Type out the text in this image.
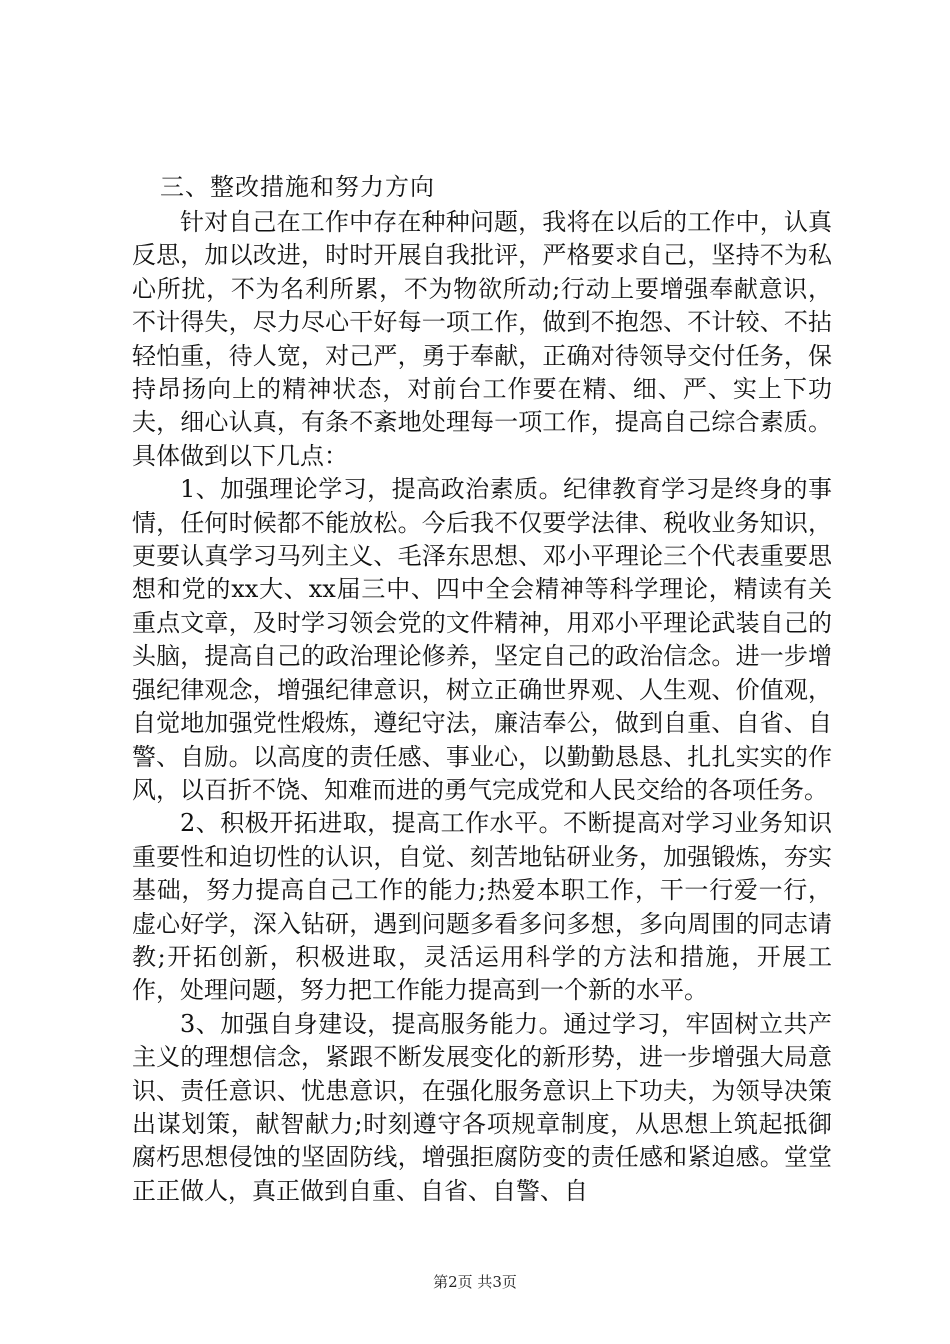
三、整改措施和努力方向

针对自己在工作中存在种种问题，我将在以后的工作中，认真反思，加以改进，时时开展自我批评，严格要求自己，坚持不为私心所扰，不为名利所累，不为物欲所动;行动上要增强奉献意识，不计得失，尽力尽心干好每一项工作，做到不抱怨、不计较、不拈轻怕重，待人宽，对己严，勇于奉献，正确对待领导交付任务，保持昂扬向上的精神状态，对前台工作要在精、细、严、实上下功夫，细心认真，有条不紊地处理每一项工作，提高自己综合素质。具体做到以下几点：

1、加强理论学习，提高政治素质。纪律教育学习是终身的事情，任何时候都不能放松。今后我不仅要学法律、税收业务知识，更要认真学习马列主义、毛泽东思想、邓小平理论三个代表重要思想和党的xx大、xx届三中、四中全会精神等科学理论，精读有关重点文章，及时学习领会党的文件精神，用邓小平理论武装自己的头脑，提高自己的政治理论修养，坚定自己的政治信念。进一步增强纪律观念，增强纪律意识，树立正确世界观、人生观、价值观，自觉地加强党性煅炼，遵纪守法，廉洁奉公，做到自重、自省、自警、自励。以高度的责任感、事业心，以勤勤恳恳、扎扎实实的作风，以百折不饶、知难而进的勇气完成党和人民交给的各项任务。

2、积极开拓进取，提高工作水平。不断提高对学习业务知识重要性和迫切性的认识，自觉、刻苦地钻研业务，加强锻炼，夯实基础，努力提高自己工作的能力;热爱本职工作，干一行爱一行，虚心好学，深入钻研，遇到问题多看多问多想，多向周围的同志请教;开拓创新，积极进取，灵活运用科学的方法和措施，开展工作，处理问题，努力把工作能力提高到一个新的水平。

3、加强自身建设，提高服务能力。通过学习，牢固树立共产主义的理想信念，紧跟不断发展变化的新形势，进一步增强大局意识、责任意识、忧患意识，在强化服务意识上下功夫，为领导决策出谋划策，献智献力;时刻遵守各项规章制度，从思想上筑起抵御腐朽思想侵蚀的坚固防线，增强拒腐防变的责任感和紧迫感。堂堂正正做人，真正做到自重、自省、自警、自

第2页 共3页
